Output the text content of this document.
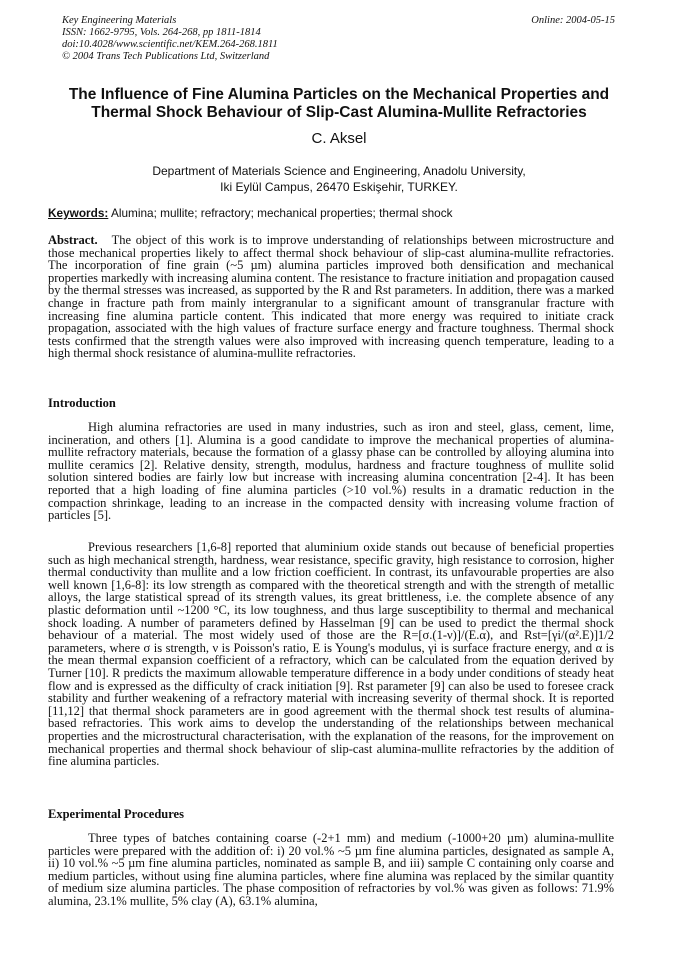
Key Engineering Materials
ISSN: 1662-9795, Vols. 264-268, pp 1811-1814
doi:10.4028/www.scientific.net/KEM.264-268.1811
© 2004 Trans Tech Publications Ltd, Switzerland
Online: 2004-05-15
The Influence of Fine Alumina Particles on the Mechanical Properties and
Thermal Shock Behaviour of Slip-Cast Alumina-Mullite Refractories
C. Aksel
Department of Materials Science and Engineering, Anadolu University,
Iki Eylül Campus, 26470 Eskişehir, TURKEY.
Keywords: Alumina; mullite; refractory; mechanical properties; thermal shock

Abstract. The object of this work is to improve understanding of relationships between microstructure and those mechanical properties likely to affect thermal shock behaviour of slip-cast alumina-mullite refractories. The incorporation of fine grain (~5 µm) alumina particles improved both densification and mechanical properties markedly with increasing alumina content. The resistance to fracture initiation and propagation caused by the thermal stresses was increased, as supported by the R and Rst parameters. In addition, there was a marked change in fracture path from mainly intergranular to a significant amount of transgranular fracture with increasing fine alumina particle content. This indicated that more energy was required to initiate crack propagation, associated with the high values of fracture surface energy and fracture toughness. Thermal shock tests confirmed that the strength values were also improved with increasing quench temperature, leading to a high thermal shock resistance of alumina-mullite refractories.

Introduction

High alumina refractories are used in many industries, such as iron and steel, glass, cement, lime, incineration, and others [1]. Alumina is a good candidate to improve the mechanical properties of alumina-mullite refractory materials, because the formation of a glassy phase can be controlled by alloying alumina into mullite ceramics [2]. Relative density, strength, modulus, hardness and fracture toughness of mullite solid solution sintered bodies are fairly low but increase with increasing alumina concentration [2-4]. It has been reported that a high loading of fine alumina particles (>10 vol.%) results in a dramatic reduction in the compaction shrinkage, leading to an increase in the compacted density with increasing volume fraction of particles [5].

Previous researchers [1,6-8] reported that aluminium oxide stands out because of beneficial properties such as high mechanical strength, hardness, wear resistance, specific gravity, high resistance to corrosion, higher thermal conductivity than mullite and a low friction coefficient. In contrast, its unfavourable properties are also well known [1,6-8]: its low strength as compared with the theoretical strength and with the strength of metallic alloys, the large statistical spread of its strength values, its great brittleness, i.e. the complete absence of any plastic deformation until ~1200 °C, its low toughness, and thus large susceptibility to thermal and mechanical shock loading. A number of parameters defined by Hasselman [9] can be used to predict the thermal shock behaviour of a material. The most widely used of those are the R=[σ.(1-ν)]/(E.α), and Rst=[γi/(α².E)]1/2 parameters, where σ is strength, ν is Poisson's ratio, E is Young's modulus, γi is surface fracture energy, and α is the mean thermal expansion coefficient of a refractory, which can be calculated from the equation derived by Turner [10]. R predicts the maximum allowable temperature difference in a body under conditions of steady heat flow and is expressed as the difficulty of crack initiation [9]. Rst parameter [9] can also be used to foresee crack stability and further weakening of a refractory material with increasing severity of thermal shock. It is reported [11,12] that thermal shock parameters are in good agreement with the thermal shock test results of alumina-based refractories. This work aims to develop the understanding of the relationships between mechanical properties and the microstructural characterisation, with the explanation of the reasons, for the improvement on mechanical properties and thermal shock behaviour of slip-cast alumina-mullite refractories by the addition of fine alumina particles.

Experimental Procedures

Three types of batches containing coarse (-2+1 mm) and medium (-1000+20 µm) alumina-mullite particles were prepared with the addition of: i) 20 vol.% ~5 µm fine alumina particles, designated as sample A, ii) 10 vol.% ~5 µm fine alumina particles, nominated as sample B, and iii) sample C containing only coarse and medium particles, without using fine alumina particles, where fine alumina was replaced by the similar quantity of medium size alumina particles. The phase composition of refractories by vol.% was given as follows: 71.9% alumina, 23.1% mullite, 5% clay (A), 63.1% alumina,
